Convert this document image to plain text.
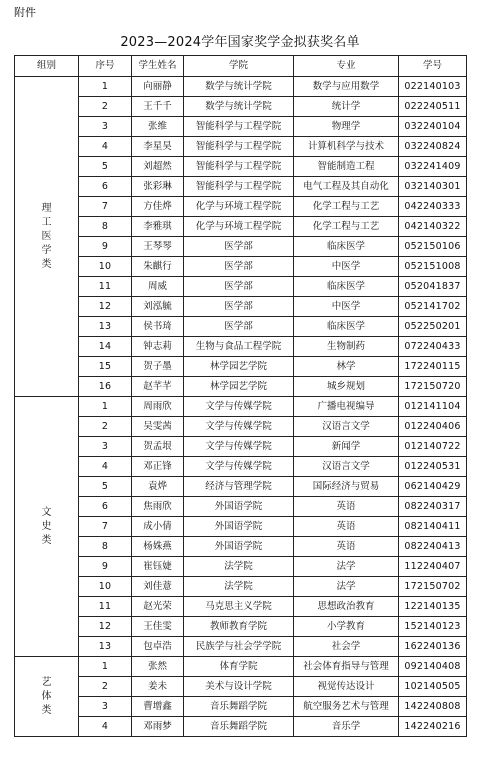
附件
2023—2024学年国家奖学金拟获奖名单
组别	序号	学生姓名	学院	专业	学号

理
工
医
学
类	1	向丽静	数学与统计学院	数学与应用数学	022140103
	2	王千千	数学与统计学院	统计学	022240511
	3	张维	智能科学与工程学院	物理学	032240104
	4	李星昊	智能科学与工程学院	计算机科学与技术	032240824
	5	刘超然	智能科学与工程学院	智能制造工程	032241409
	6	张彩琳	智能科学与工程学院	电气工程及其自动化	032140301
	7	方佳烨	化学与环境工程学院	化学工程与工艺	042240333
	8	李雅琪	化学与环境工程学院	化学工程与工艺	042140322
	9	王琴琴	医学部	临床医学	052150106
	10	朱麒行	医学部	中医学	052151008
	11	周威	医学部	临床医学	052041837
	12	刘泓毓	医学部	中医学	052141702
	13	侯书琦	医学部	临床医学	052250201
	14	钟志莉	生物与食品工程学院	生物制药	072240433
	15	贺子墨	林学园艺学院	林学	172240115
	16	赵芊芊	林学园艺学院	城乡规划	172150720

文
史
类	1	周雨欣	文学与传媒学院	广播电视编导	012141104
	2	吴雯茜	文学与传媒学院	汉语言文学	012240406
	3	贺孟垠	文学与传媒学院	新闻学	012140722
	4	邓正锋	文学与传媒学院	汉语言文学	012240531
	5	袁烨	经济与管理学院	国际经济与贸易	062140429
	6	焦雨欣	外国语学院	英语	082240317
	7	成小倩	外国语学院	英语	082140411
	8	杨姝燕	外国语学院	英语	082240413
	9	崔钰婕	法学院	法学	112240407
	10	刘佳薏	法学院	法学	172150702
	11	赵光荣	马克思主义学院	思想政治教育	122140135
	12	王佳雯	教师教育学院	小学教育	152140123
	13	包卓浩	民族学与社会学学院	社会学	162240136

艺
体
类	1	张然	体育学院	社会体育指导与管理	092140408
	2	姜未	美术与设计学院	视觉传达设计	102140505
	3	曹增鑫	音乐舞蹈学院	航空服务艺术与管理	142240808
	4	邓雨梦	音乐舞蹈学院	音乐学	142240216
